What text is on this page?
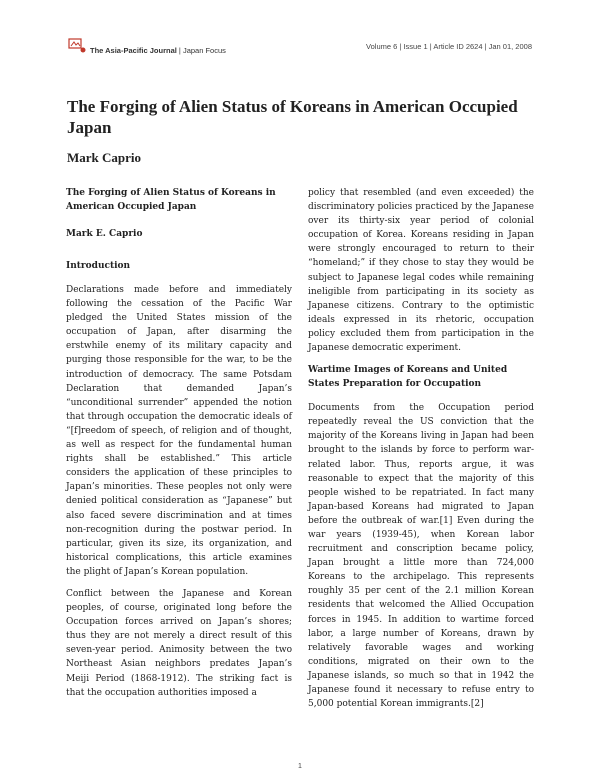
The Asia-Pacific Journal | Japan Focus	Volume 6 | Issue 1 | Article ID 2624 | Jan 01, 2008
The Forging of Alien Status of Koreans in American Occupied Japan
Mark Caprio
The Forging of Alien Status of Koreans in American Occupied Japan
Mark E. Caprio
Introduction

Declarations made before and immediately following the cessation of the Pacific War pledged the United States mission of the occupation of Japan, after disarming the erstwhile enemy of its military capacity and purging those responsible for the war, to be the introduction of democracy. The same Potsdam Declaration that demanded Japan’s “unconditional surrender” appended the notion that through occupation the democratic ideals of “[f]reedom of speech, of religion and of thought, as well as respect for the fundamental human rights shall be established.” This article considers the application of these principles to Japan’s minorities. These peoples not only were denied political consideration as “Japanese” but also faced severe discrimination and at times non-recognition during the postwar period. In particular, given its size, its organization, and historical complications, this article examines the plight of Japan’s Korean population.

Conflict between the Japanese and Korean peoples, of course, originated long before the Occupation forces arrived on Japan’s shores; thus they are not merely a direct result of this seven-year period. Animosity between the two Northeast Asian neighbors predates Japan’s Meiji Period (1868-1912). The striking fact is that the occupation authorities imposed a

policy that resembled (and even exceeded) the discriminatory policies practiced by the Japanese over its thirty-six year period of colonial occupation of Korea. Koreans residing in Japan were strongly encouraged to return to their “homeland;” if they chose to stay they would be subject to Japanese legal codes while remaining ineligible from participating in its society as Japanese citizens. Contrary to the optimistic ideals expressed in its rhetoric, occupation policy excluded them from participation in the Japanese democratic experiment.

Wartime Images of Koreans and United States Preparation for Occupation

Documents from the Occupation period repeatedly reveal the US conviction that the majority of the Koreans living in Japan had been brought to the islands by force to perform war-related labor. Thus, reports argue, it was reasonable to expect that the majority of this people wished to be repatriated. In fact many Japan-based Koreans had migrated to Japan before the outbreak of war.[1] Even during the war years (1939-45), when Korean labor recruitment and conscription became policy, Japan brought a little more than 724,000 Koreans to the archipelago. This represents roughly 35 per cent of the 2.1 million Korean residents that welcomed the Allied Occupation forces in 1945. In addition to wartime forced labor, a large number of Koreans, drawn by relatively favorable wages and working conditions, migrated on their own to the Japanese islands, so much so that in 1942 the Japanese found it necessary to refuse entry to 5,000 potential Korean immigrants.[2]

1
